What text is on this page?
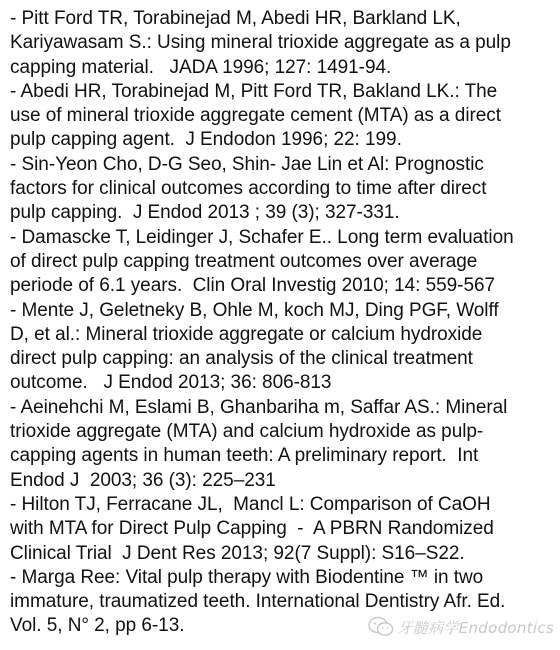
- Pitt Ford TR, Torabinejad M, Abedi HR, Barkland LK,
Kariyawasam S.: Using mineral trioxide aggregate as a pulp
capping material.   JADA 1996; 127: 1491-94.
- Abedi HR, Torabinejad M, Pitt Ford TR, Bakland LK.: The
use of mineral trioxide aggregate cement (MTA) as a direct
pulp capping agent.  J Endodon 1996; 22: 199.
- Sin-Yeon Cho, D-G Seo, Shin- Jae Lin et Al: Prognostic
factors for clinical outcomes according to time after direct
pulp capping.  J Endod 2013 ; 39 (3); 327-331.
- Damascke T, Leidinger J, Schafer E.. Long term evaluation
of direct pulp capping treatment outcomes over average
periode of 6.1 years.  Clin Oral Investig 2010; 14: 559-567
- Mente J, Geletneky B, Ohle M, koch MJ, Ding PGF, Wolff
D, et al.: Mineral trioxide aggregate or calcium hydroxide
direct pulp capping: an analysis of the clinical treatment
outcome.   J Endod 2013; 36: 806-813
- Aeinehchi M, Eslami B, Ghanbariha m, Saffar AS.: Mineral
trioxide aggregate (MTA) and calcium hydroxide as pulp-
capping agents in human teeth: A preliminary report.  Int
Endod J  2003; 36 (3): 225–231
- Hilton TJ, Ferracane JL,  Mancl L: Comparison of CaOH
with MTA for Direct Pulp Capping  -  A PBRN Randomized
Clinical Trial  J Dent Res 2013; 92(7 Suppl): S16–S22.
- Marga Ree: Vital pulp therapy with Biodentine ™ in two
immature, traumatized teeth. International Dentistry Afr. Ed.
Vol. 5, N° 2, pp 6-13.	牙髓病学Endodontics
